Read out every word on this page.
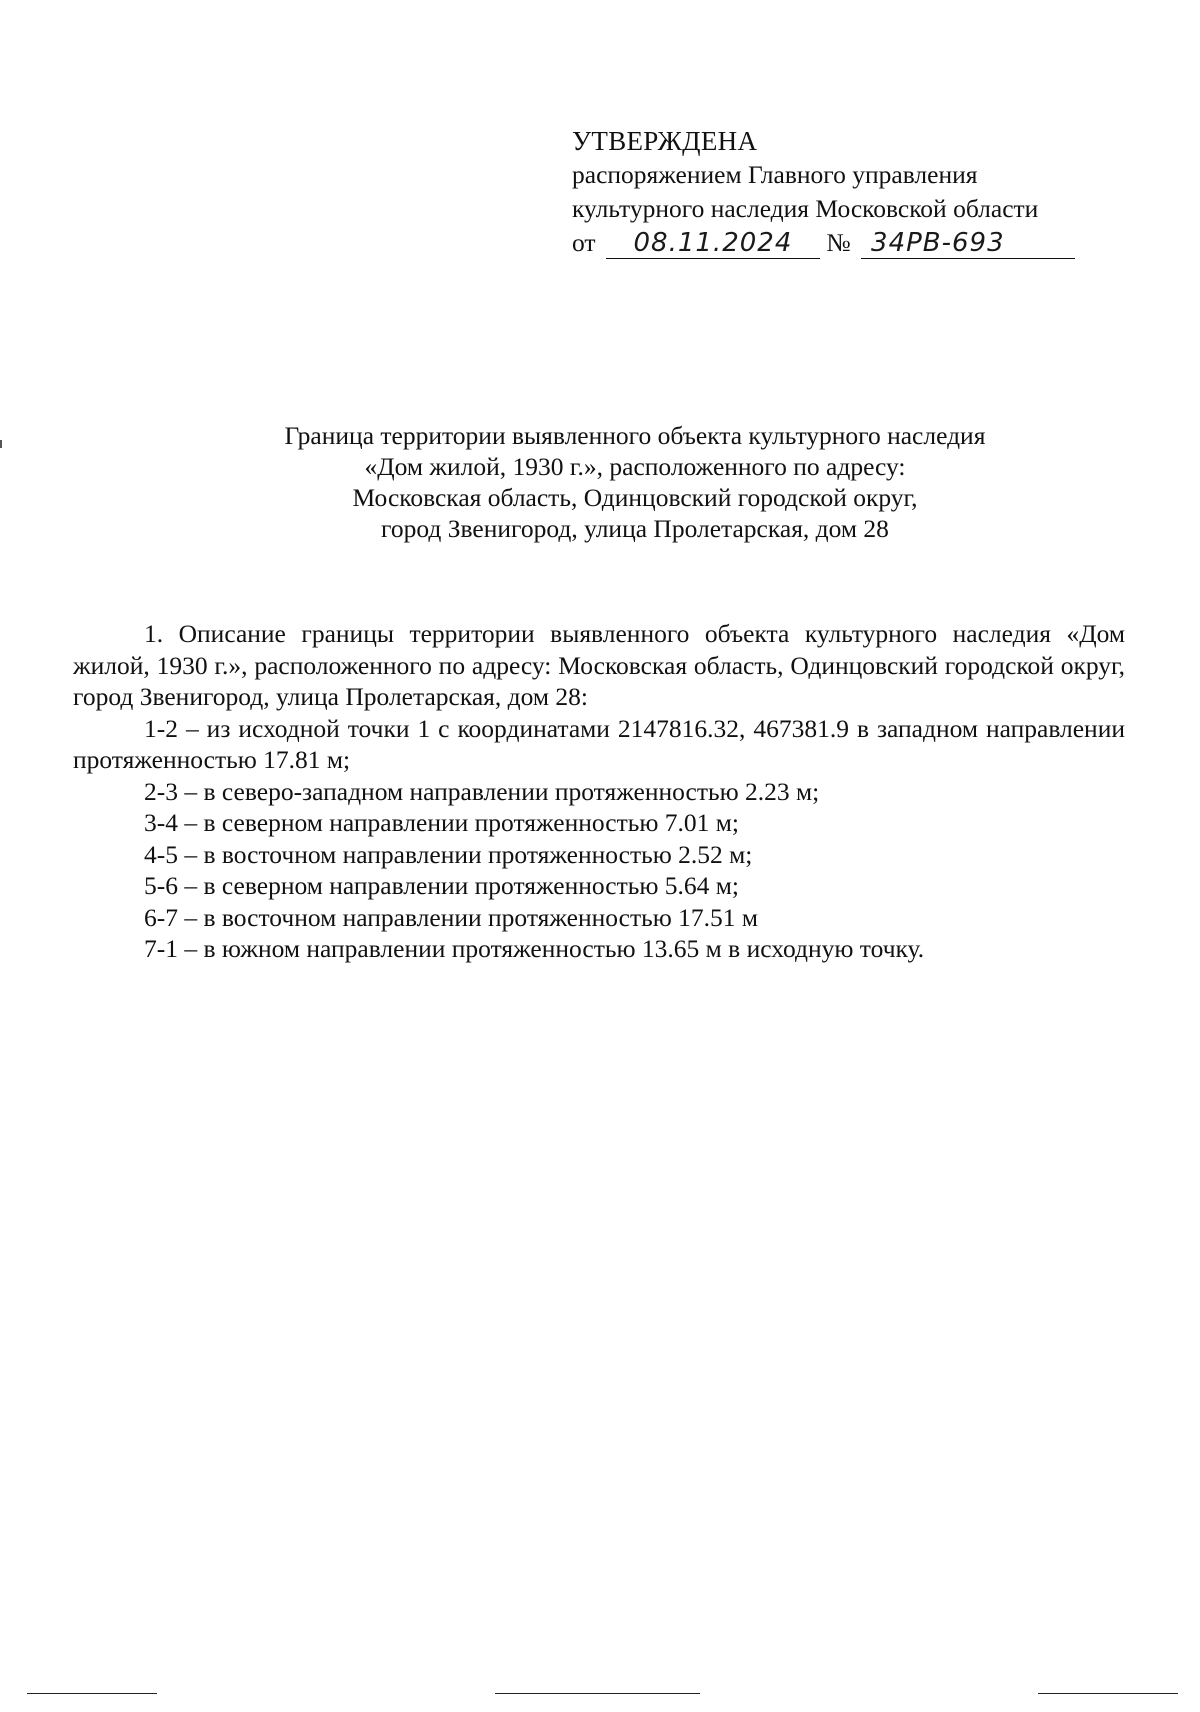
УТВЕРЖДЕНА
распоряжением Главного управления
культурного наследия Московской области
от 08.11.2024 № 34РВ-693
Граница территории выявленного объекта культурного наследия
«Дом жилой, 1930 г.», расположенного по адресу:
Московская область, Одинцовский городской округ,
город Звенигород, улица Пролетарская, дом 28

1. Описание границы территории выявленного объекта культурного наследия «Дом жилой, 1930 г.», расположенного по адресу: Московская область, Одинцовский городской округ, город Звенигород, улица Пролетарская, дом 28:

1-2 – из исходной точки 1 с координатами 2147816.32, 467381.9 в западном направлении протяженностью 17.81 м;

2-3 – в северо-западном направлении протяженностью 2.23 м;
3-4 – в северном направлении протяженностью 7.01 м;
4-5 – в восточном направлении протяженностью 2.52 м;
5-6 – в северном направлении протяженностью 5.64 м;
6-7 – в восточном направлении протяженностью 17.51 м
7-1 – в южном направлении протяженностью 13.65 м в исходную точку.
